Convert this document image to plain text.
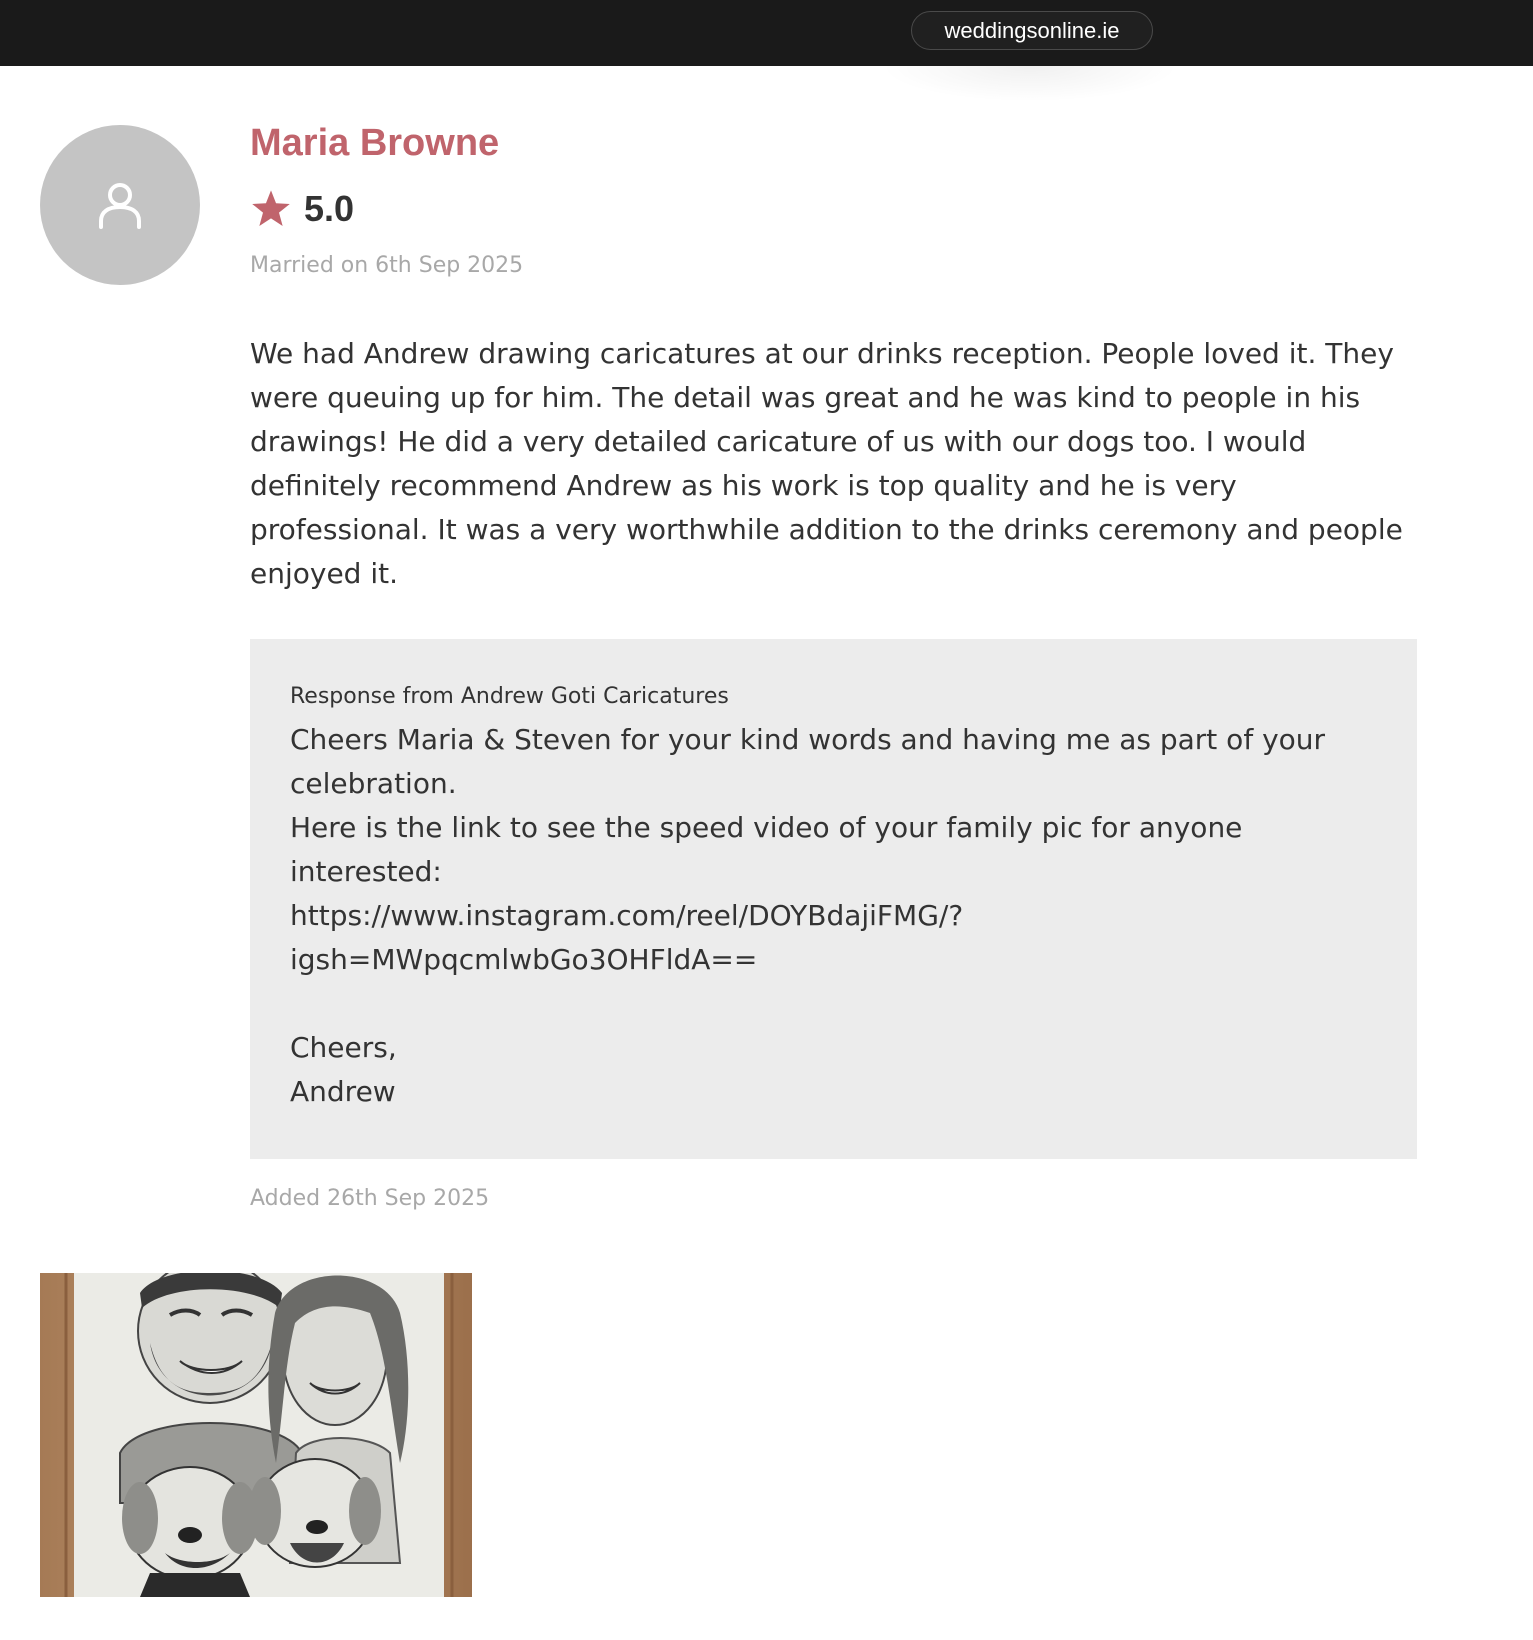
weddingsonline.ie
Maria Browne
5.0
Married on 6th Sep 2025
We had Andrew drawing caricatures at our drinks reception. People loved it. They were queuing up for him. The detail was great and he was kind to people in his drawings! He did a very detailed caricature of us with our dogs too. I would definitely recommend Andrew as his work is top quality and he is very professional. It was a very worthwhile addition to the drinks ceremony and people enjoyed it.
Response from Andrew Goti Caricatures
Cheers Maria & Steven for your kind words and having me as part of your celebration.
Here is the link to see the speed video of your family pic for anyone interested:
https://www.instagram.com/reel/DOYBdajiFMG/?
igsh=MWpqcmlwbGo3OHFldA==

Cheers,
Andrew
Added 26th Sep 2025
